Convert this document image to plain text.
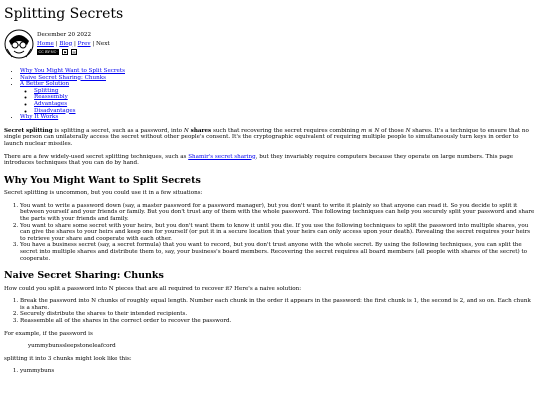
Splitting Secrets
December 20 2022
Home | Blog | Prev | Next
CC BY-NC-SA
⚑	✉
• Why You Might Want to Split Secrets
• Naive Secret Sharing: Chunks
• A Better Solution
◦ Splitting
◦ Reassembly
◦ Advantages
◦ Disadvantages
• Why It Works

Secret splitting is splitting a secret, such as a password, into N shares such that recovering the secret requires combining m ≤ N of those N shares. It's a technique to ensure that no single person can unilaterally access the secret without other people's consent. It's the cryptographic equivalent of requiring multiple people to simultaneously turn keys in order to launch nuclear missiles.

There are a few widely-used secret splitting techniques, such as Shamir's secret sharing, but they invariably require computers because they operate on large numbers. This page introduces techniques that you can do by hand.

Why You Might Want to Split Secrets

Secret splitting is uncommon, but you could use it in a few situations:

1. You want to write a password down (say, a master password for a password manager), but you don't want to write it plainly so that anyone can read it. So you decide to split it between yourself and your friends or family. But you don't trust any of them with the whole password. The following techniques can help you securely split your password and share the parts with your friends and family.
2. You want to share some secret with your heirs, but you don't want them to know it until you die. If you use the following techniques to split the password into multiple shares, you can give the shares to your heirs and keep one for yourself (or put it in a secure location that your heirs can only access upon your death). Revealing the secret requires your heirs to retrieve your share and cooperate with each other.
3. You have a business secret (say, a secret formula) that you want to record, but you don't trust anyone with the whole secret. By using the following techniques, you can split the secret into multiple shares and distribute them to, say, your business's board members. Recovering the secret requires all board members (all people with shares of the secret) to cooperate.
Naive Secret Sharing: Chunks

How could you split a password into N pieces that are all required to recover it? Here's a naive solution:

1. Break the password into N chunks of roughly equal length. Number each chunk in the order it appears in the password: the first chunk is 1, the second is 2, and so on. Each chunk is a share.
2. Securely distribute the shares to their intended recipients.
3. Reassemble all of the shares in the correct order to recover the password.

For example, if the password is

yummybunssleepstoneleafcord

splitting it into 3 chunks might look like this:

1. yummybuns
